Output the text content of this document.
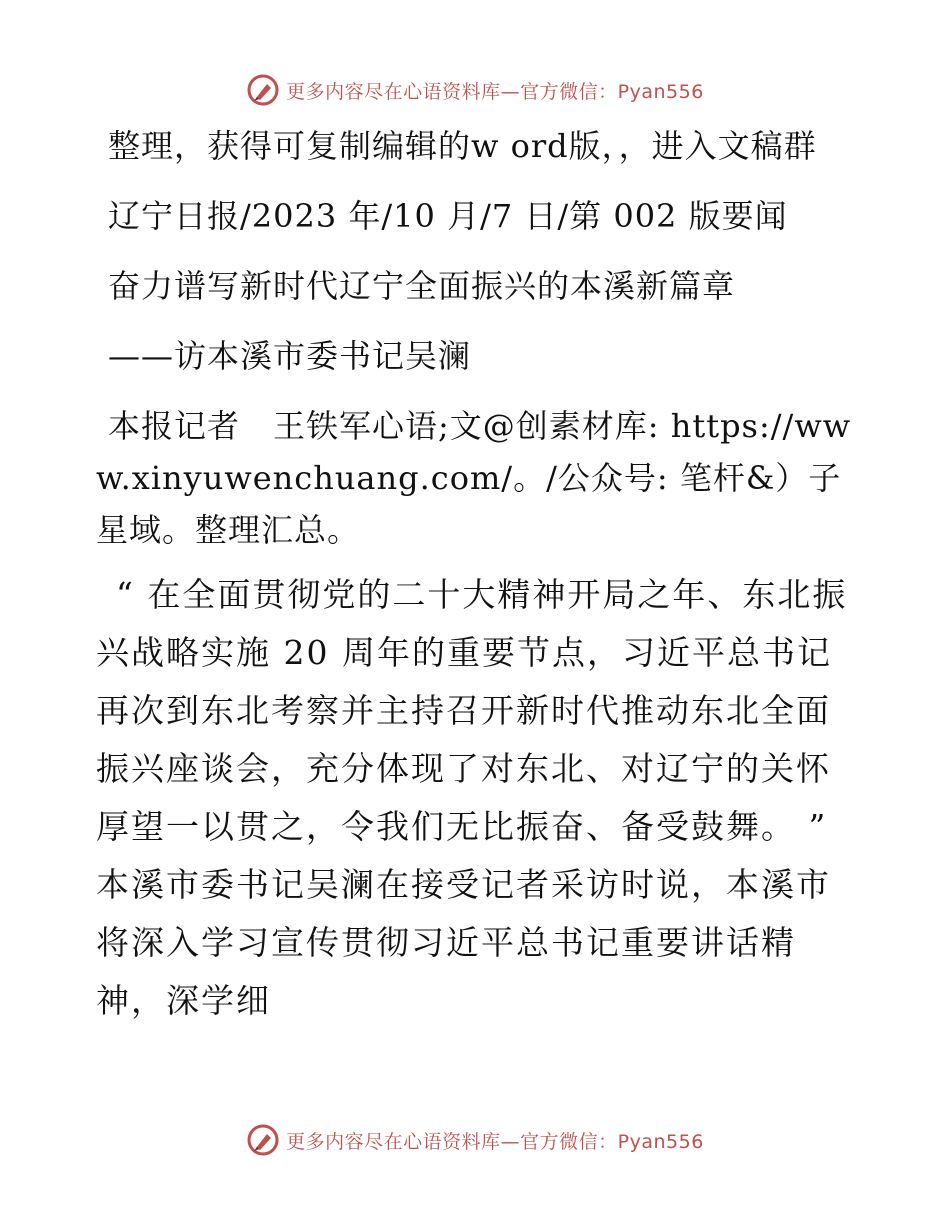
更多内容尽在心语资料库—官方微信：Pyan556

整理，获得可复制编辑的w ord版，，进入文稿群

辽宁日报/2023 年/10 月/7 日/第 002 版要闻

奋力谱写新时代辽宁全面振兴的本溪新篇章

——访本溪市委书记吴澜

本报记者　王铁军心语;文@创素材库: https://www.xinyuwenchuang.com/。/公众号: 笔杆&）子星域。整理汇总。

“ 在全面贯彻党的二十大精神开局之年、东北振兴战略实施 20 周年的重要节点，习近平总书记再次到东北考察并主持召开新时代推动东北全面振兴座谈会，充分体现了对东北、对辽宁的关怀厚望一以贯之，令我们无比振奋、备受鼓舞。 ” 本溪市委书记吴澜在接受记者采访时说，本溪市将深入学习宣传贯彻习近平总书记重要讲话精神，深学细

更多内容尽在心语资料库—官方微信：Pyan556
